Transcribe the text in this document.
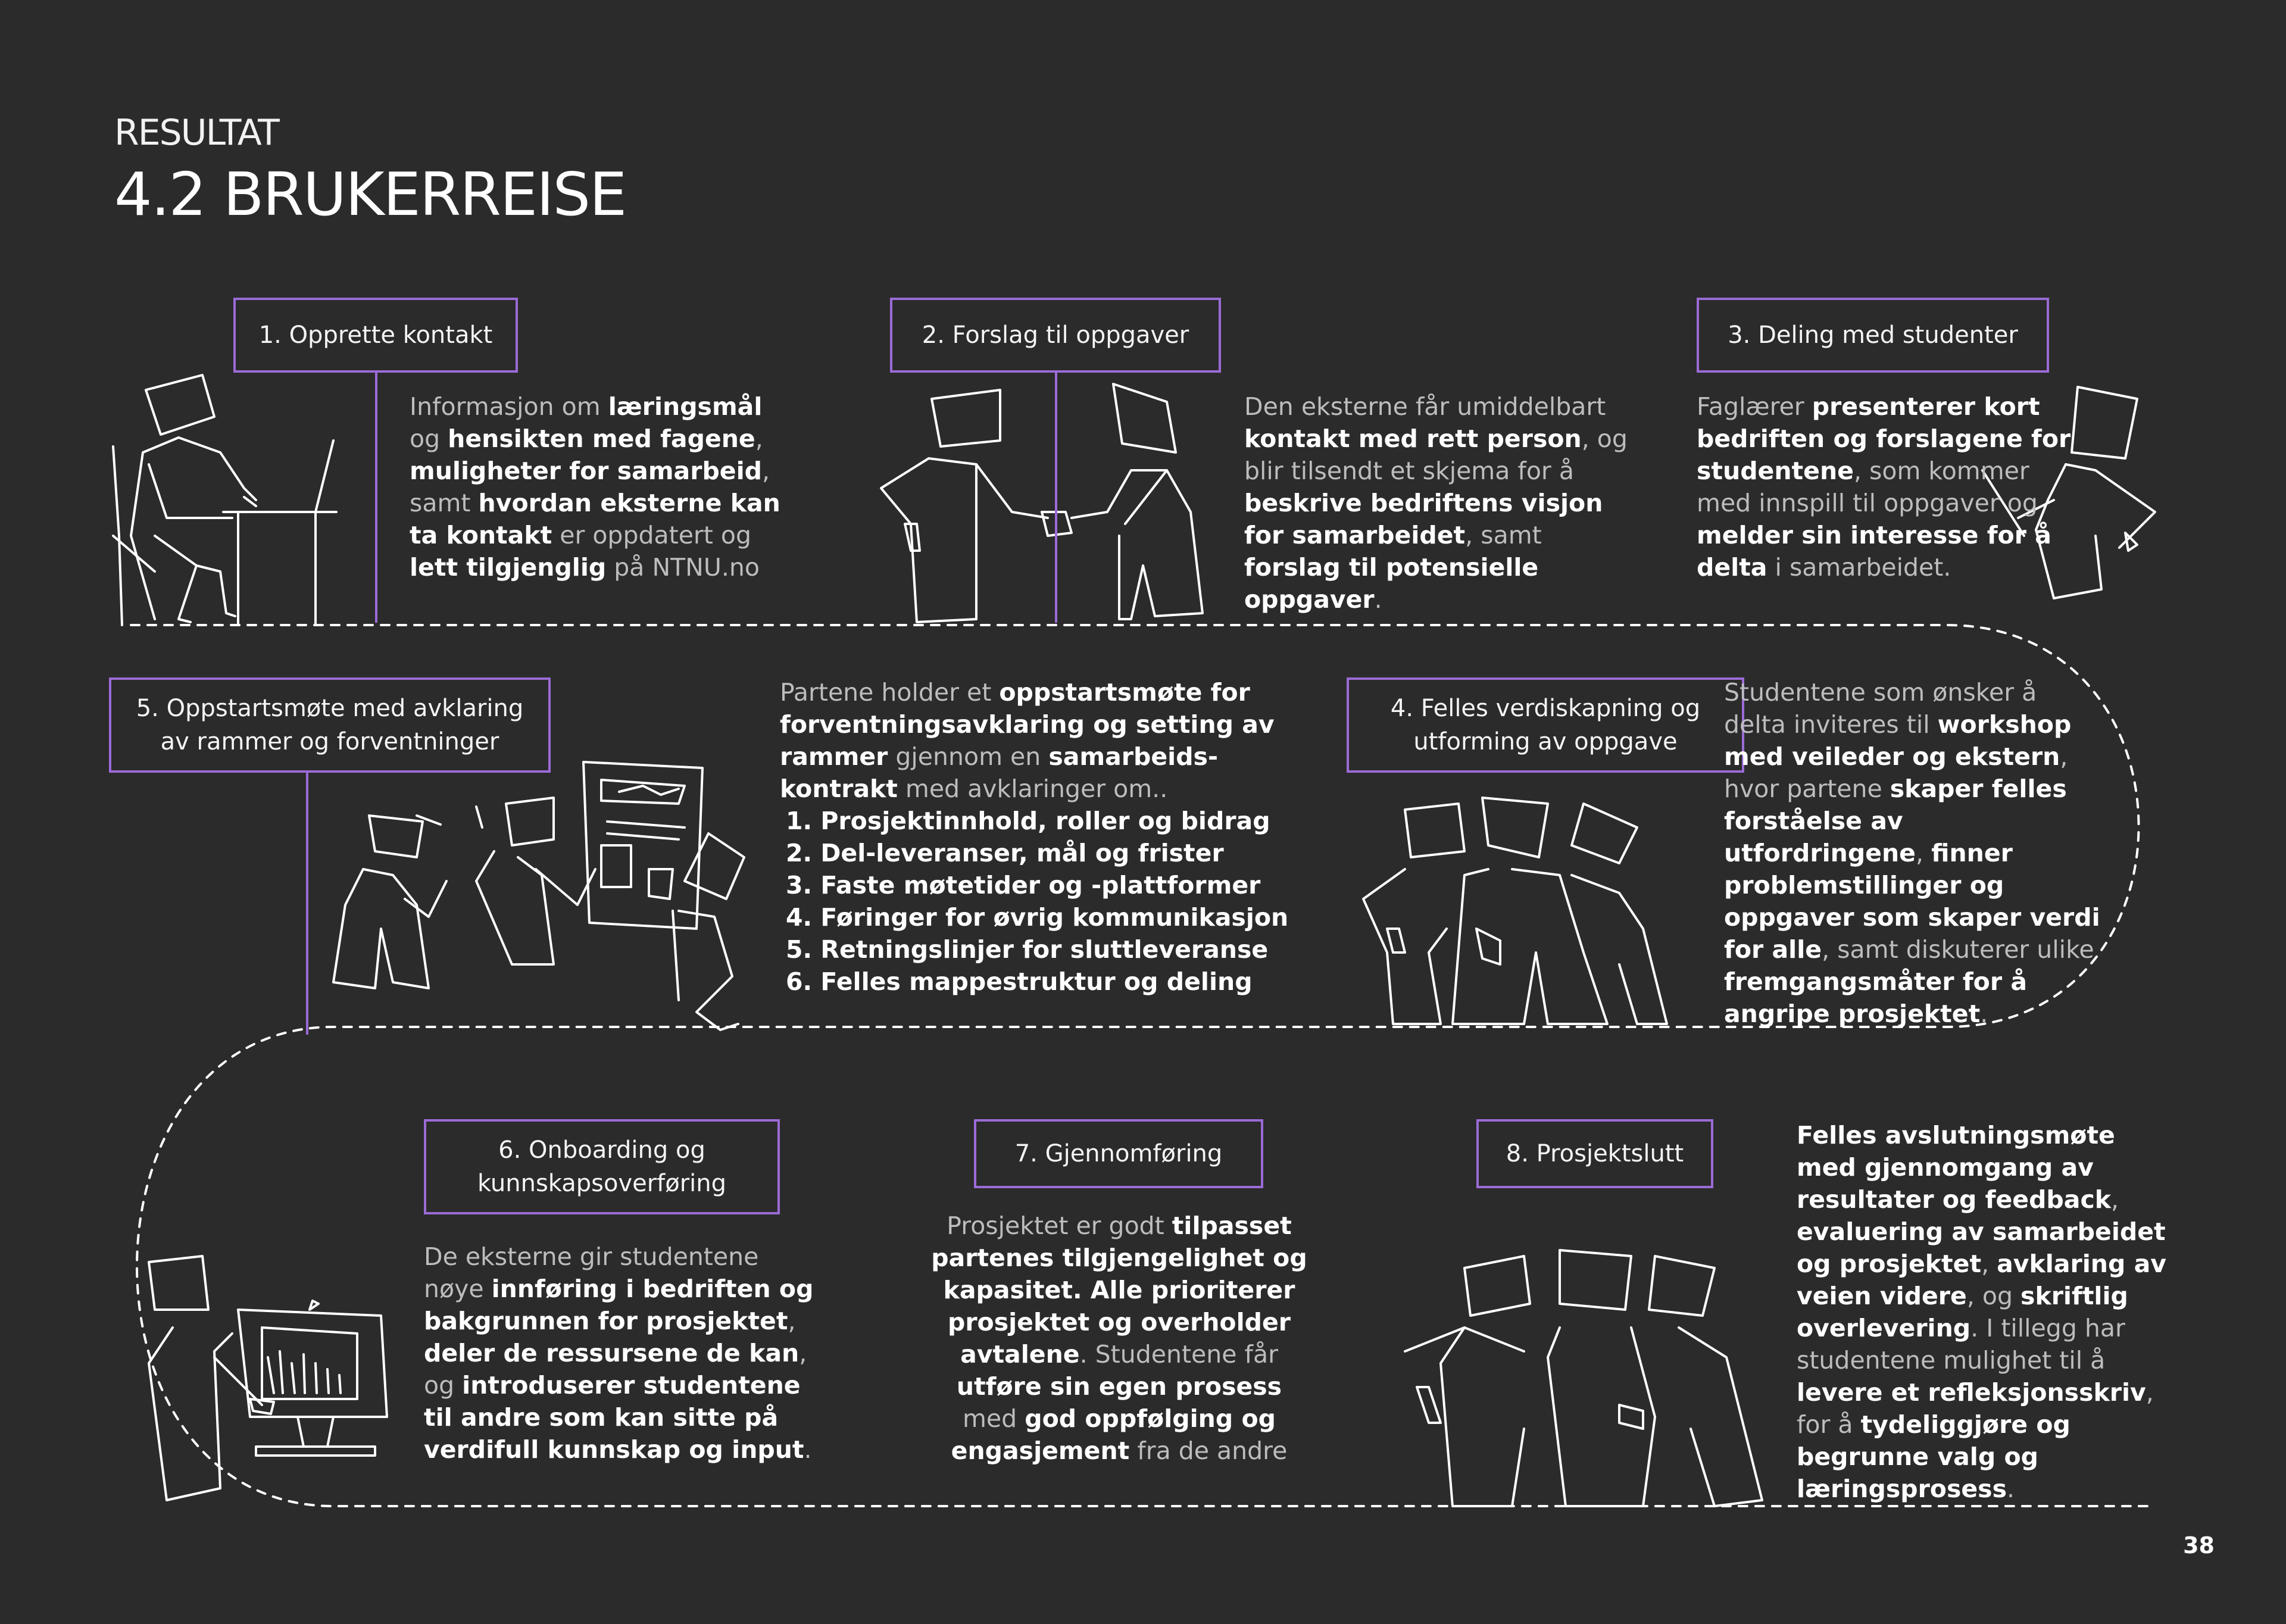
RESULTAT
4.2 BRUKERREISE
1. Opprette kontakt
Informasjon om læringsmål og hensikten med fagene, muligheter for samarbeid, samt hvordan eksterne kan ta kontakt er oppdatert og lett tilgjenglig på NTNU.no
2. Forslag til oppgaver
Den eksterne får umiddelbart kontakt med rett person, og blir tilsendt et skjema for å beskrive bedriftens visjon for samarbeidet, samt forslag til potensielle oppgaver.
3. Deling med studenter
Faglærer presenterer kort bedriften og forslagene for studentene, som kommer med innspill til oppgaver og melder sin interesse for å delta i samarbeidet.
5. Oppstartsmøte med avklaring
av rammer og forventninger
Partene holder et oppstartsmøte for forventningsavklaring og setting av rammer gjennom en samarbeids-kontrakt med avklaringer om..
1. Prosjektinnhold, roller og bidrag
2. Del-leveranser, mål og frister
3. Faste møtetider og -plattformer
4. Føringer for øvrig kommunikasjon
5. Retningslinjer for sluttleveranse
6. Felles mappestruktur og deling
4. Felles verdiskapning og
utforming av oppgave
Studentene som ønsker å delta inviteres til workshop med veileder og ekstern, hvor partene skaper felles forståelse av utfordringene, finner problemstillinger og oppgaver som skaper verdi for alle, samt diskuterer ulike fremgangsmåter for å angripe prosjektet.
6. Onboarding og
kunnskapsoverføring
De eksterne gir studentene nøye innføring i bedriften og bakgrunnen for prosjektet, deler de ressursene de kan, og introduserer studentene til andre som kan sitte på verdifull kunnskap og input.
7. Gjennomføring
Prosjektet er godt tilpasset partenes tilgjengelighet og kapasitet. Alle prioriterer prosjektet og overholder avtalene. Studentene får utføre sin egen prosess med god oppfølging og engasjement fra de andre
8. Prosjektslutt
Felles avslutningsmøte med gjennomgang av resultater og feedback, evaluering av samarbeidet og prosjektet, avklaring av veien videre, og skriftlig overlevering. I tillegg har studentene mulighet til å levere et refleksjonsskriv, for å tydeliggjøre og begrunne valg og læringsprosess.
38
